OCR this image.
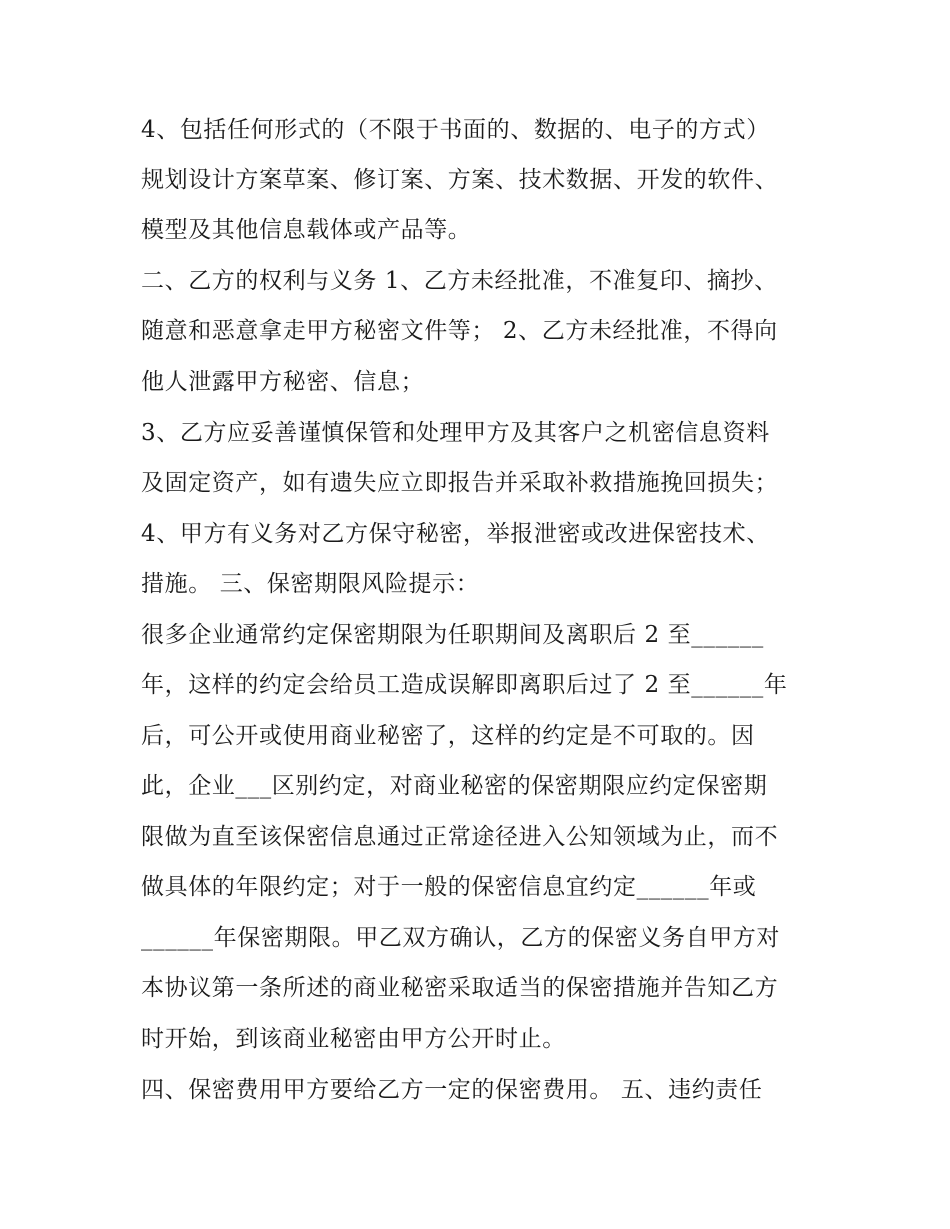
4、包括任何形式的（不限于书面的、数据的、电子的方式）

规划设计方案草案、修订案、方案、技术数据、开发的软件、

模型及其他信息载体或产品等。

二、乙方的权利与义务 1、乙方未经批准，不准复印、摘抄、

随意和恶意拿走甲方秘密文件等； 2、乙方未经批准，不得向

他人泄露甲方秘密、信息；

3、乙方应妥善谨慎保管和处理甲方及其客户之机密信息资料

及固定资产，如有遗失应立即报告并采取补救措施挽回损失；

4、甲方有义务对乙方保守秘密，举报泄密或改进保密技术、

措施。 三、保密期限风险提示：

很多企业通常约定保密期限为任职期间及离职后 2 至______

年，这样的约定会给员工造成误解即离职后过了 2 至______年

后，可公开或使用商业秘密了，这样的约定是不可取的。因

此，企业___区别约定，对商业秘密的保密期限应约定保密期

限做为直至该保密信息通过正常途径进入公知领域为止，而不

做具体的年限约定；对于一般的保密信息宜约定______年或

______年保密期限。甲乙双方确认，乙方的保密义务自甲方对

本协议第一条所述的商业秘密采取适当的保密措施并告知乙方

时开始，到该商业秘密由甲方公开时止。

四、保密费用甲方要给乙方一定的保密费用。 五、违约责任
